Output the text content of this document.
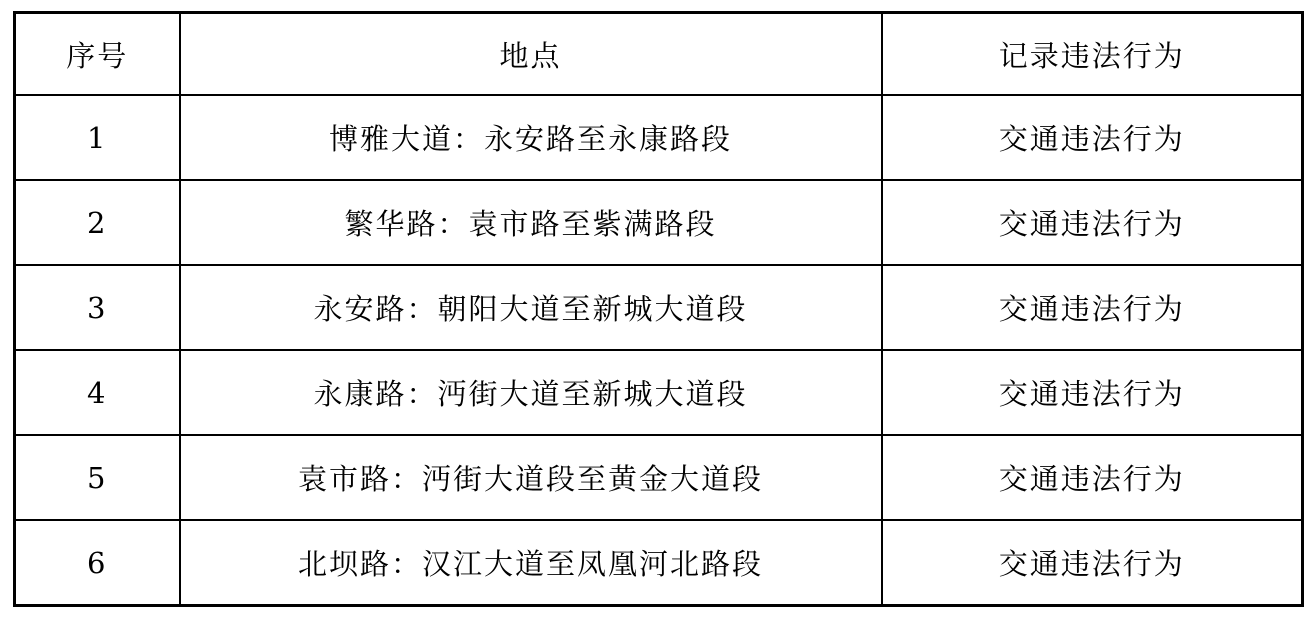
序号	地点	记录违法行为
1	博雅大道：永安路至永康路段	交通违法行为
2	繁华路：袁市路至紫满路段	交通违法行为
3	永安路：朝阳大道至新城大道段	交通违法行为
4	永康路：沔街大道至新城大道段	交通违法行为
5	袁市路：沔街大道段至黄金大道段	交通违法行为
6	北坝路：汉江大道至凤凰河北路段	交通违法行为
